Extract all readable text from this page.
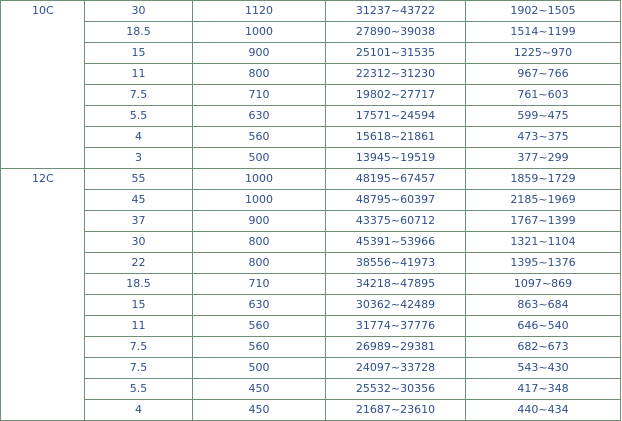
10C	30	1120	31237~43722	1902~1505
	18.5	1000	27890~39038	1514~1199
	15	900	25101~31535	1225~970
	11	800	22312~31230	967~766
	7.5	710	19802~27717	761~603
	5.5	630	17571~24594	599~475
	4	560	15618~21861	473~375
	3	500	13945~19519	377~299
12C	55	1000	48195~67457	1859~1729
	45	1000	48795~60397	2185~1969
	37	900	43375~60712	1767~1399
	30	800	45391~53966	1321~1104
	22	800	38556~41973	1395~1376
	18.5	710	34218~47895	1097~869
	15	630	30362~42489	863~684
	11	560	31774~37776	646~540
	7.5	560	26989~29381	682~673
	7.5	500	24097~33728	543~430
	5.5	450	25532~30356	417~348
	4	450	21687~23610	440~434
